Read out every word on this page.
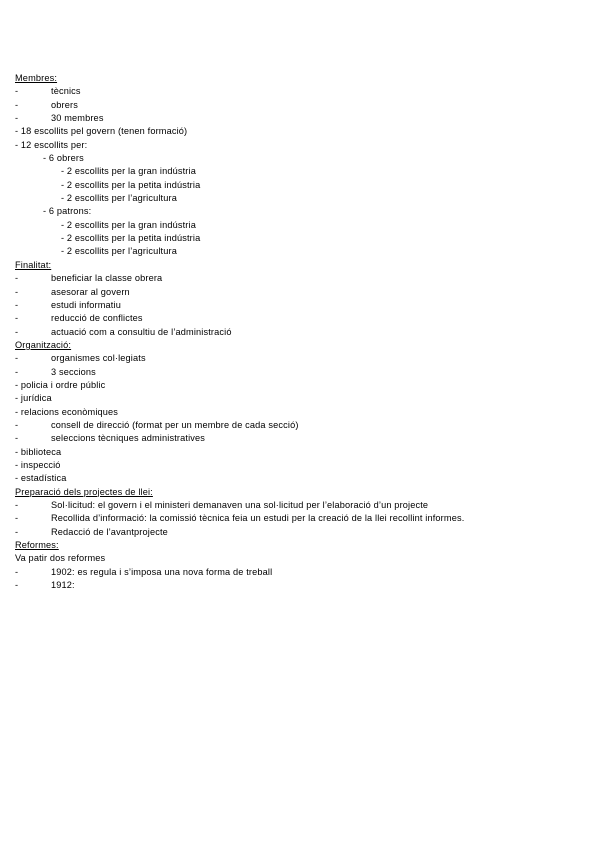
Membres:
-	tècnics
-	obrers
-	30 membres
- 18 escollits pel govern (tenen formació)
- 12 escollits per:
- 6 obrers
- 2 escollits per la gran indústria
- 2 escollits per la petita indústria
- 2 escollits per l’agricultura
- 6 patrons:
- 2 escollits per la gran indústria
- 2 escollits per la petita indústria
- 2 escollits per l’agricultura
Finalitat:
-	beneficiar la classe obrera
-	asesorar al govern
-	estudi informatiu
-	reducció de conflictes
-	actuació com a consultiu de l’administració
Organització:
-	organismes col·legiats
-	3 seccions
- policia i ordre públic
- jurídica
- relacions econòmiques
-	consell de direcció (format per un membre de cada secció)
-	seleccions tècniques administratives
- biblioteca
- inspecció
- estadística
Preparació dels projectes de llei:
-	Sol·licitud: el govern i el ministeri demanaven una sol·licitud per l’elaboració d’un projecte
-	Recollida d’informació: la comissió tècnica feia un estudi per la creació de la llei recollint informes.
-	Redacció de l’avantprojecte
Reformes:
Va patir dos reformes
-	1902: es regula i s’imposa una nova forma de treball
-	1912:
